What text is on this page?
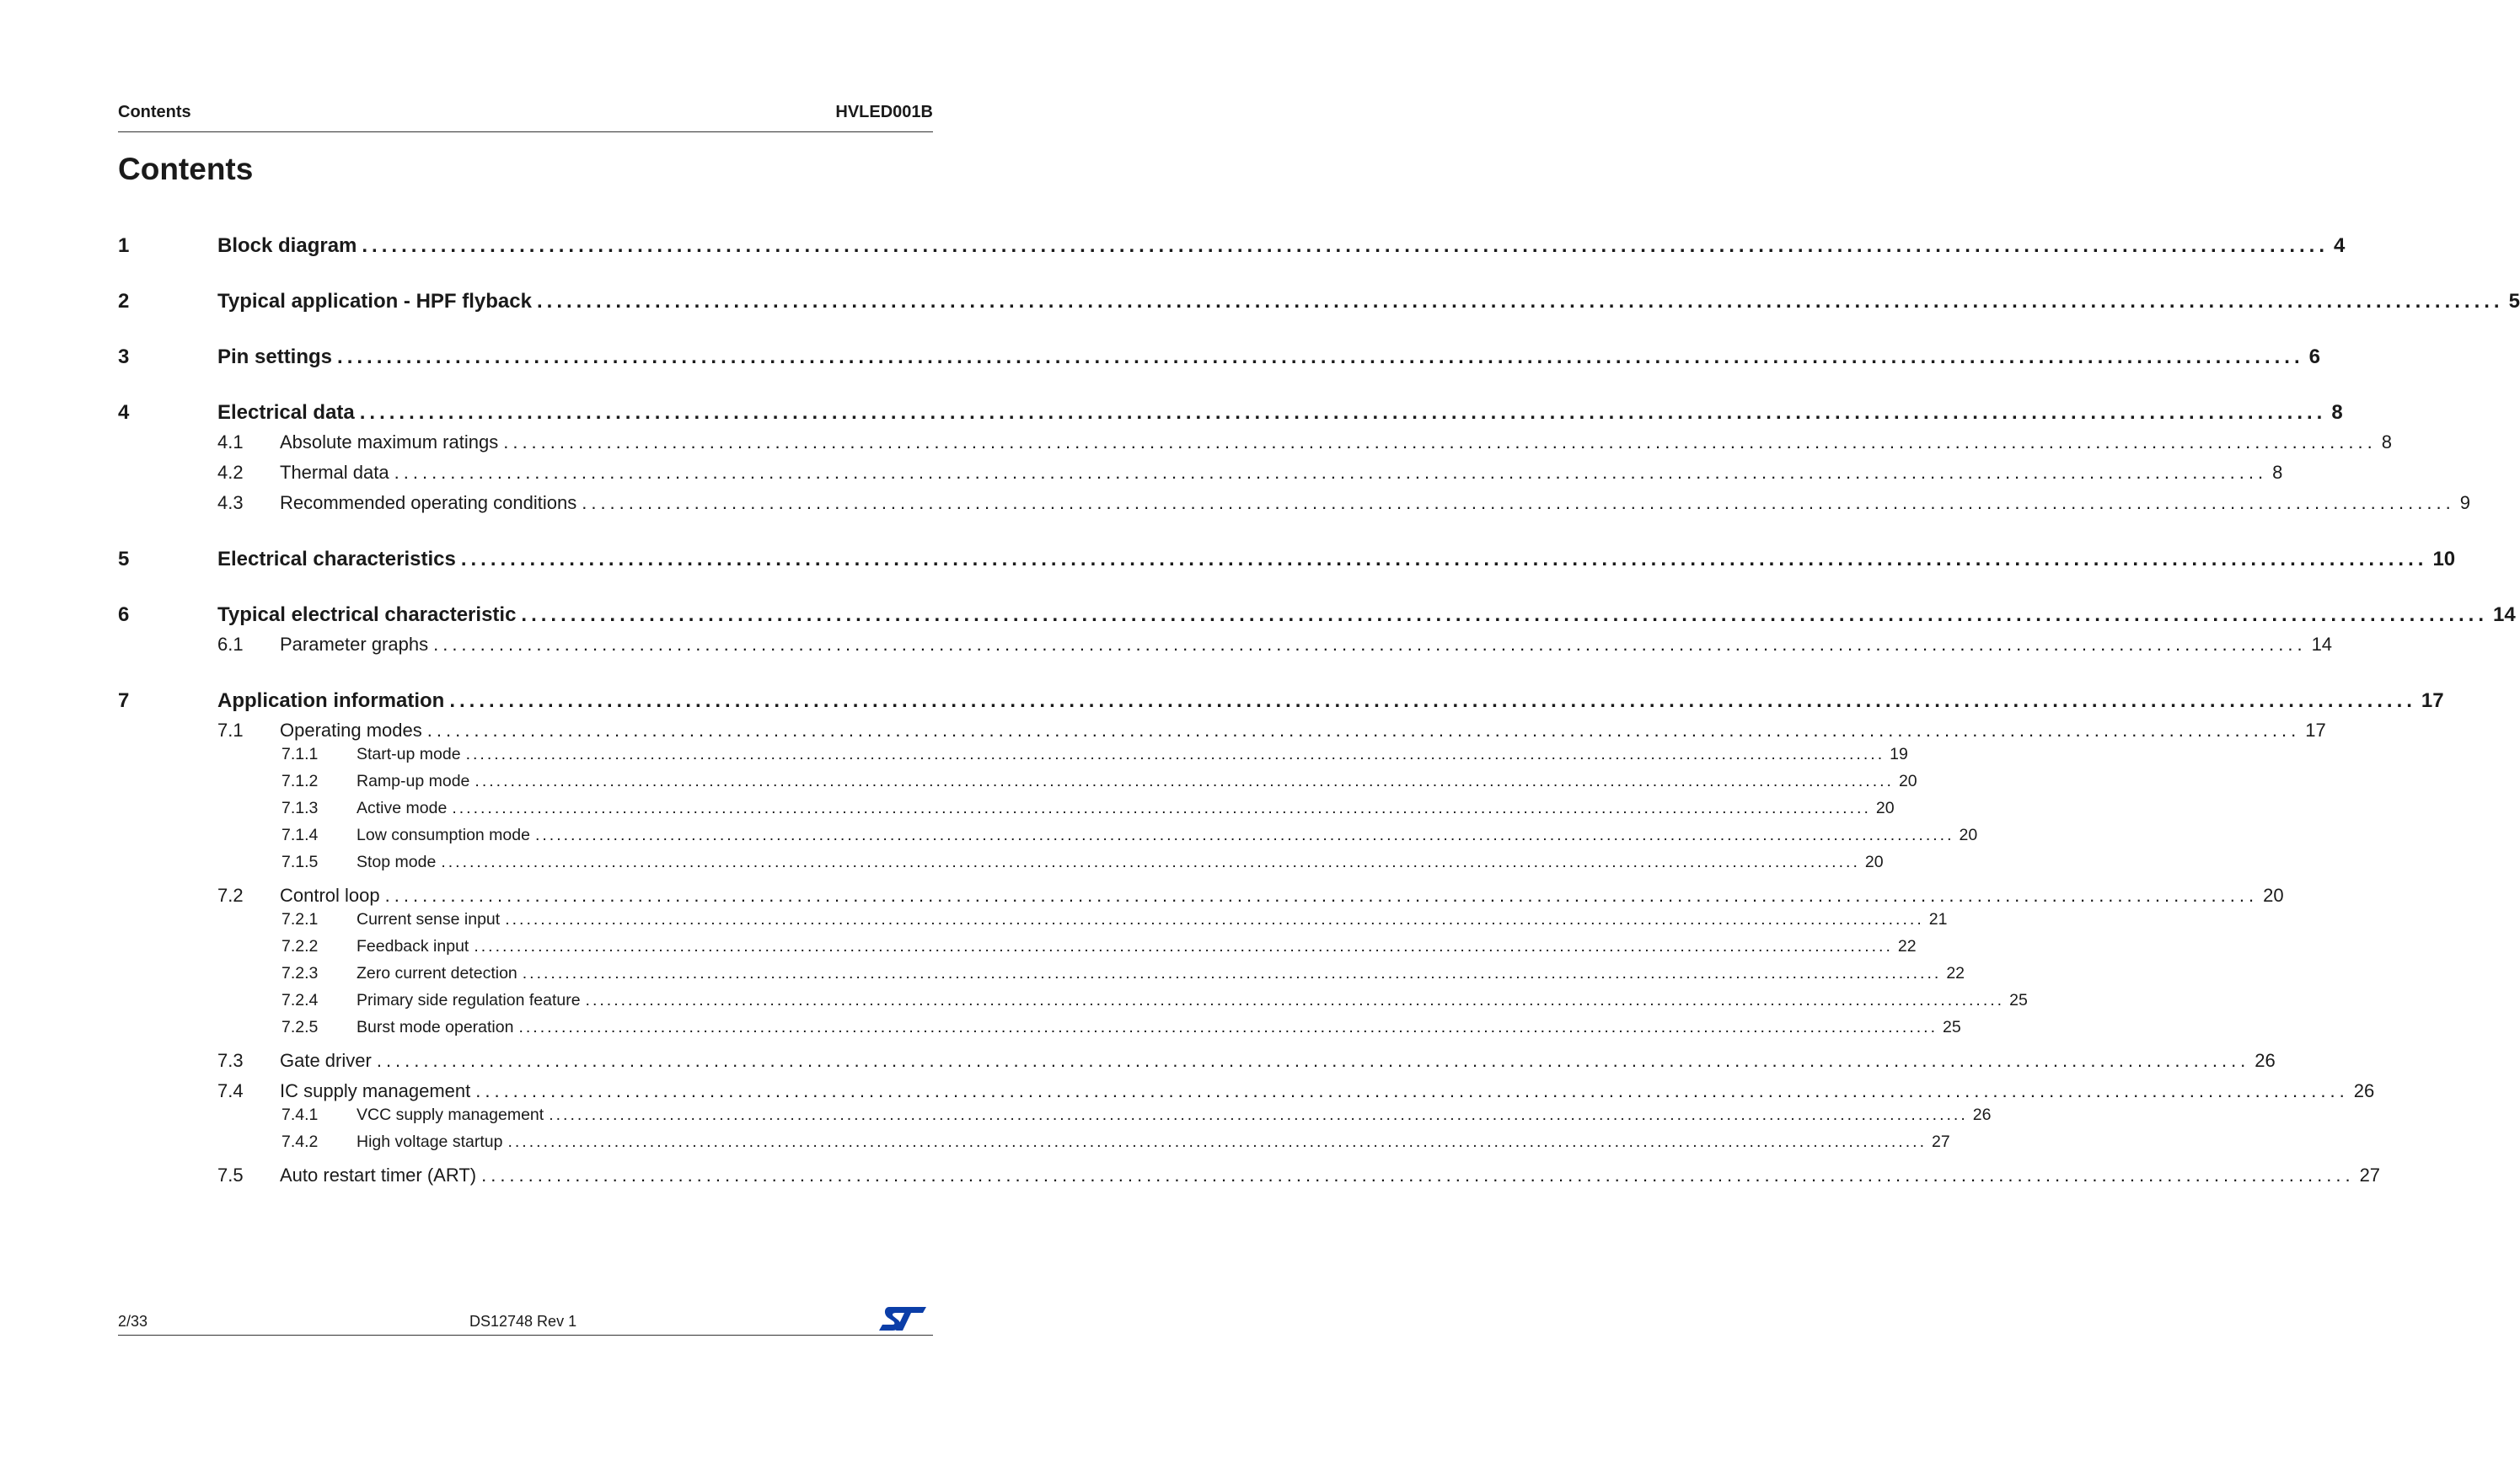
Contents	HVLED001B
Contents
1	Block diagram ........................................................................................................................................................................................................ 4
2	Typical application - HPF flyback ........................................................................................................................................................................................................ 5
3	Pin settings ........................................................................................................................................................................................................ 6
4	Electrical data ........................................................................................................................................................................................................ 8
4.1	Absolute maximum ratings ........................................................................................................................................................................................................ 8
4.2	Thermal data ........................................................................................................................................................................................................ 8
4.3	Recommended operating conditions ........................................................................................................................................................................................................ 9
5	Electrical characteristics ........................................................................................................................................................................................................ 10
6	Typical electrical characteristic ........................................................................................................................................................................................................ 14
6.1	Parameter graphs ........................................................................................................................................................................................................ 14
7	Application information ........................................................................................................................................................................................................ 17
7.1	Operating modes ........................................................................................................................................................................................................ 17
7.1.1	Start-up mode ........................................................................................................................................................................................................ 19
7.1.2	Ramp-up mode ........................................................................................................................................................................................................ 20
7.1.3	Active mode ........................................................................................................................................................................................................ 20
7.1.4	Low consumption mode ........................................................................................................................................................................................................ 20
7.1.5	Stop mode ........................................................................................................................................................................................................ 20
7.2	Control loop ........................................................................................................................................................................................................ 20
7.2.1	Current sense input ........................................................................................................................................................................................................ 21
7.2.2	Feedback input ........................................................................................................................................................................................................ 22
7.2.3	Zero current detection ........................................................................................................................................................................................................ 22
7.2.4	Primary side regulation feature ........................................................................................................................................................................................................ 25
7.2.5	Burst mode operation ........................................................................................................................................................................................................ 25
7.3	Gate driver ........................................................................................................................................................................................................ 26
7.4	IC supply management ........................................................................................................................................................................................................ 26
7.4.1	VCC supply management ........................................................................................................................................................................................................ 26
7.4.2	High voltage startup ........................................................................................................................................................................................................ 27
7.5	Auto restart timer (ART) ........................................................................................................................................................................................................ 27
2/33	DS12748 Rev 1
